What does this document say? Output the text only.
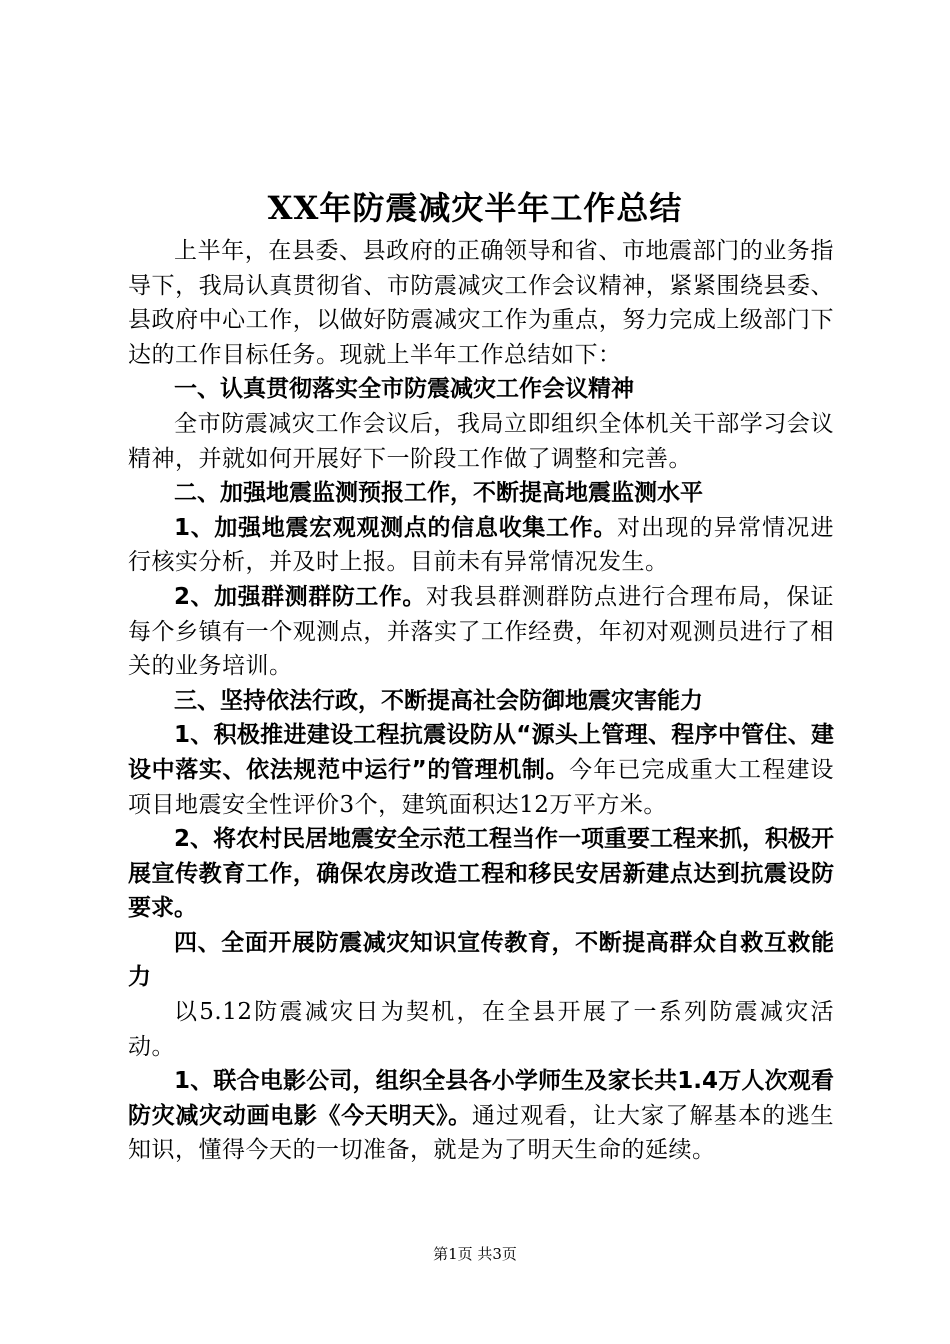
XX年防震减灾半年工作总结

上半年，在县委、县政府的正确领导和省、市地震部门的业务指导下，我局认真贯彻省、市防震减灾工作会议精神，紧紧围绕县委、县政府中心工作，以做好防震减灾工作为重点，努力完成上级部门下达的工作目标任务。现就上半年工作总结如下：

一、认真贯彻落实全市防震减灾工作会议精神

全市防震减灾工作会议后，我局立即组织全体机关干部学习会议精神，并就如何开展好下一阶段工作做了调整和完善。

二、加强地震监测预报工作，不断提高地震监测水平

1、加强地震宏观观测点的信息收集工作。对出现的异常情况进行核实分析，并及时上报。目前未有异常情况发生。

2、加强群测群防工作。对我县群测群防点进行合理布局，保证每个乡镇有一个观测点，并落实了工作经费，年初对观测员进行了相关的业务培训。

三、坚持依法行政，不断提高社会防御地震灾害能力

1、积极推进建设工程抗震设防从“源头上管理、程序中管住、建设中落实、依法规范中运行”的管理机制。今年已完成重大工程建设项目地震安全性评价3个，建筑面积达12万平方米。

2、将农村民居地震安全示范工程当作一项重要工程来抓，积极开展宣传教育工作，确保农房改造工程和移民安居新建点达到抗震设防要求。

四、全面开展防震减灾知识宣传教育，不断提高群众自救互救能力

以5.12防震减灾日为契机，在全县开展了一系列防震减灾活动。

1、联合电影公司，组织全县各小学师生及家长共1.4万人次观看防灾减灾动画电影《今天明天》。通过观看，让大家了解基本的逃生知识，懂得今天的一切准备，就是为了明天生命的延续。

第1页 共3页
